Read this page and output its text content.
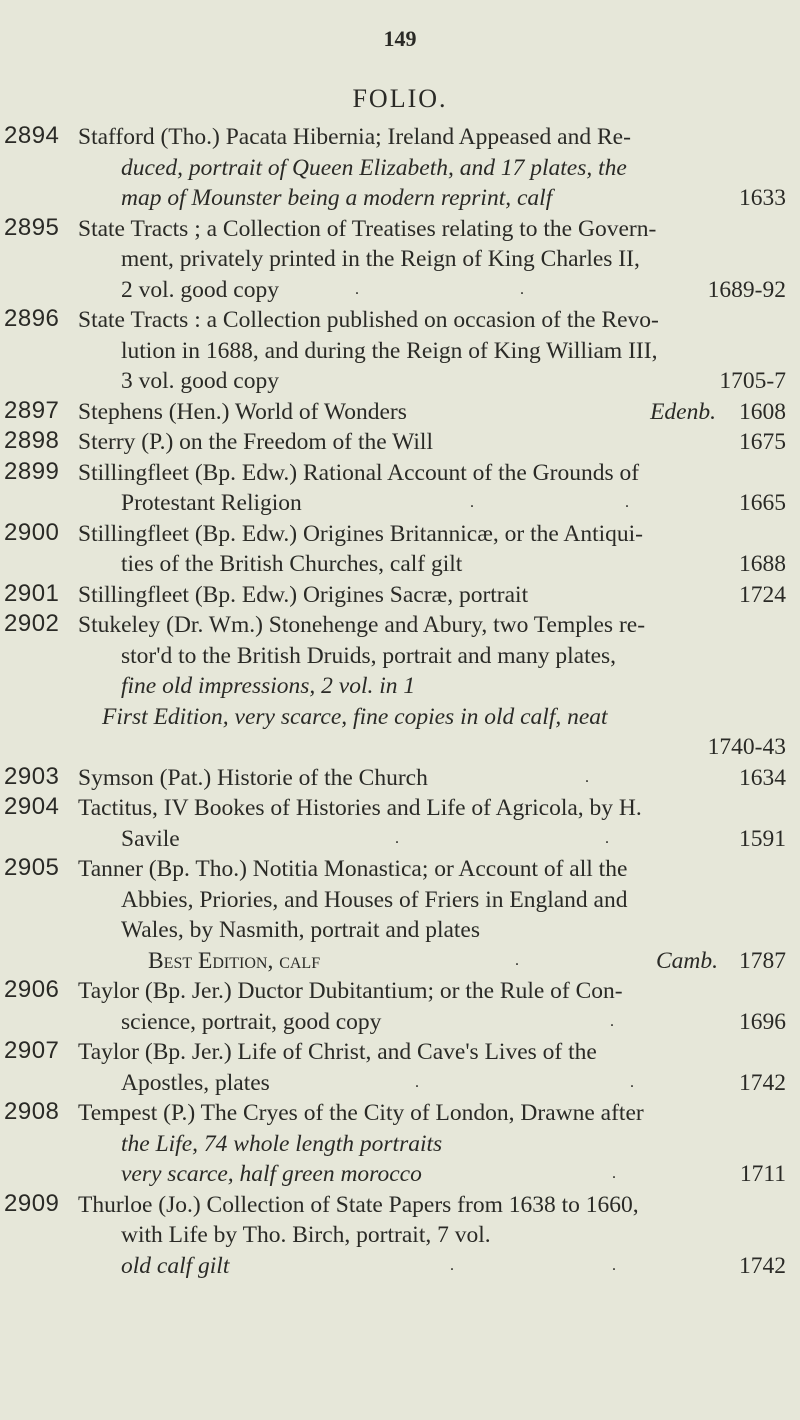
149
FOLIO.
2894 Stafford (Tho.) Pacata Hibernia; Ireland Appeased and Re-
duced, portrait of Queen Elizabeth, and 17 plates, the
map of Mounster being a modern reprint, calf	1633
2895 State Tracts ; a Collection of Treatises relating to the Govern-
ment, privately printed in the Reign of King Charles II,
2 vol. good copy	.	.	1689-92
2896 State Tracts : a Collection published on occasion of the Revo-
lution in 1688, and during the Reign of King William III,
3 vol. good copy	1705-7
2897 Stephens (Hen.) World of Wonders	Edenb. 1608
2898 Sterry (P.) on the Freedom of the Will	1675
2899 Stillingfleet (Bp. Edw.) Rational Account of the Grounds of
Protestant Religion	.	.	1665
2900 Stillingfleet (Bp. Edw.) Origines Britannicæ, or the Antiqui-
ties of the British Churches, calf gilt	1688
2901 Stillingfleet (Bp. Edw.) Origines Sacræ, portrait	1724
2902 Stukeley (Dr. Wm.) Stonehenge and Abury, two Temples re-
stor'd to the British Druids, portrait and many plates,
fine old impressions, 2 vol. in 1
First Edition, very scarce, fine copies in old calf, neat
1740-43
2903 Symson (Pat.) Historie of the Church	.	1634
2904 Tactitus, IV Bookes of Histories and Life of Agricola, by H.
Savile	.	.	1591
2905 Tanner (Bp. Tho.) Notitia Monastica; or Account of all the
Abbies, Priories, and Houses of Friers in England and
Wales, by Nasmith, portrait and plates
Best Edition, calf	.	Camb. 1787
2906 Taylor (Bp. Jer.) Ductor Dubitantium; or the Rule of Con-
science, portrait, good copy	.	1696
2907 Taylor (Bp. Jer.) Life of Christ, and Cave's Lives of the
Apostles, plates	.	.	1742
2908 Tempest (P.) The Cryes of the City of London, Drawne after
the Life, 74 whole length portraits
very scarce, half green morocco	.	1711
2909 Thurloe (Jo.) Collection of State Papers from 1638 to 1660,
with Life by Tho. Birch, portrait, 7 vol.
old calf gilt	.	.	1742
